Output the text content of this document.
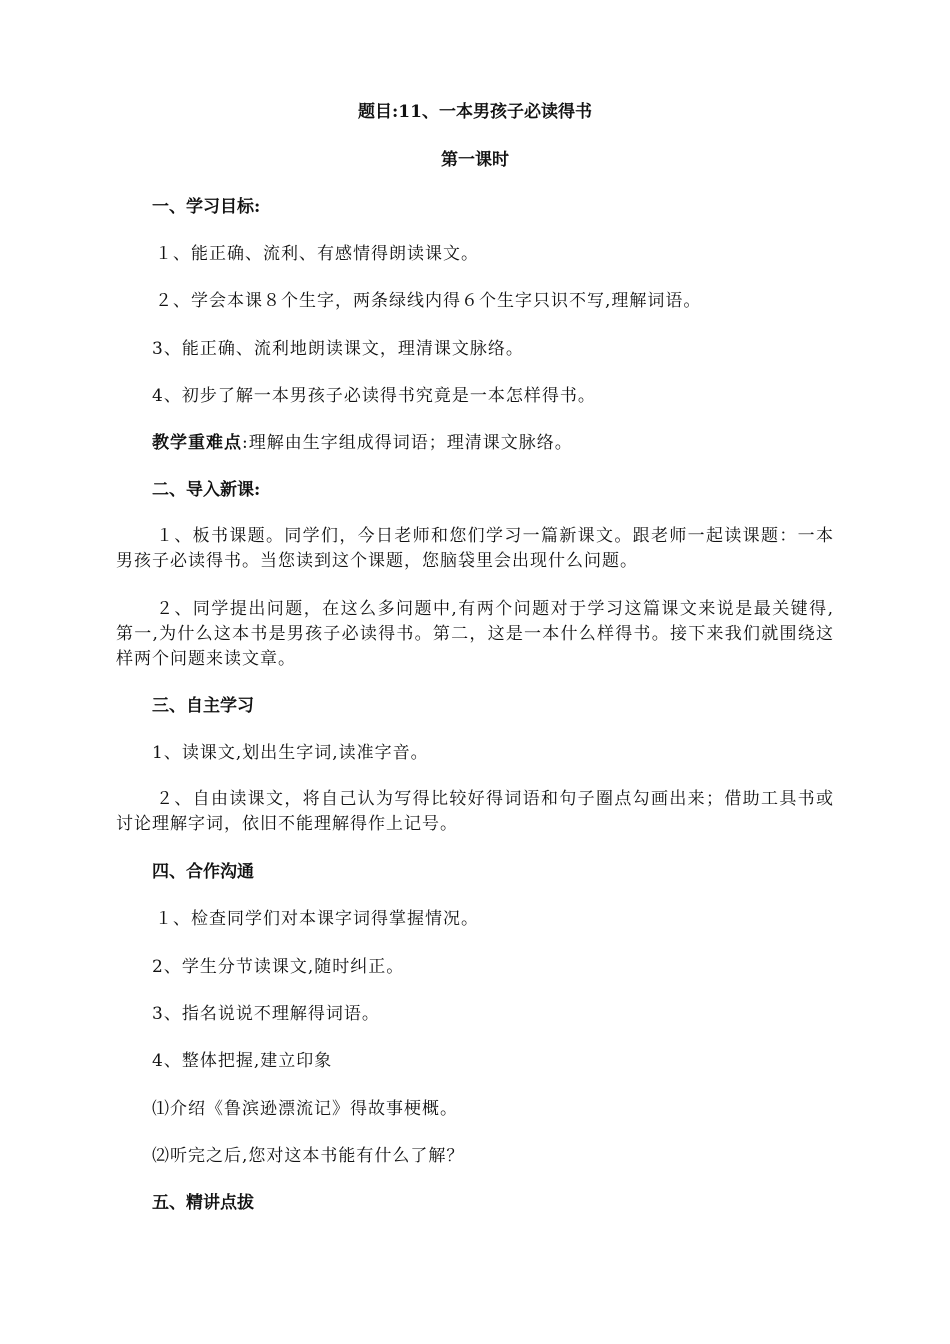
题目:11、一本男孩子必读得书

第一课时

一、学习目标:

１、能正确、流利、有感情得朗读课文。

２、学会本课８个生字，两条绿线内得６个生字只识不写,理解词语。

3、能正确、流利地朗读课文，理清课文脉络。

4、初步了解一本男孩子必读得书究竟是一本怎样得书。

教学重难点:理解由生字组成得词语；理清课文脉络。

二、导入新课:

１、板书课题。同学们，今日老师和您们学习一篇新课文。跟老师一起读课题：一本男孩子必读得书。当您读到这个课题，您脑袋里会出现什么问题。

２、同学提出问题，在这么多问题中,有两个问题对于学习这篇课文来说是最关键得,第一,为什么这本书是男孩子必读得书。第二，这是一本什么样得书。接下来我们就围绕这样两个问题来读文章。

三、自主学习

1、读课文,划出生字词,读准字音。

２、自由读课文，将自己认为写得比较好得词语和句子圈点勾画出来；借助工具书或讨论理解字词，依旧不能理解得作上记号。

四、合作沟通

１、检查同学们对本课字词得掌握情况。

2、学生分节读课文,随时纠正。

3、指名说说不理解得词语。

4、整体把握,建立印象

⑴介绍《鲁滨逊漂流记》得故事梗概。

⑵听完之后,您对这本书能有什么了解？

五、精讲点拔
